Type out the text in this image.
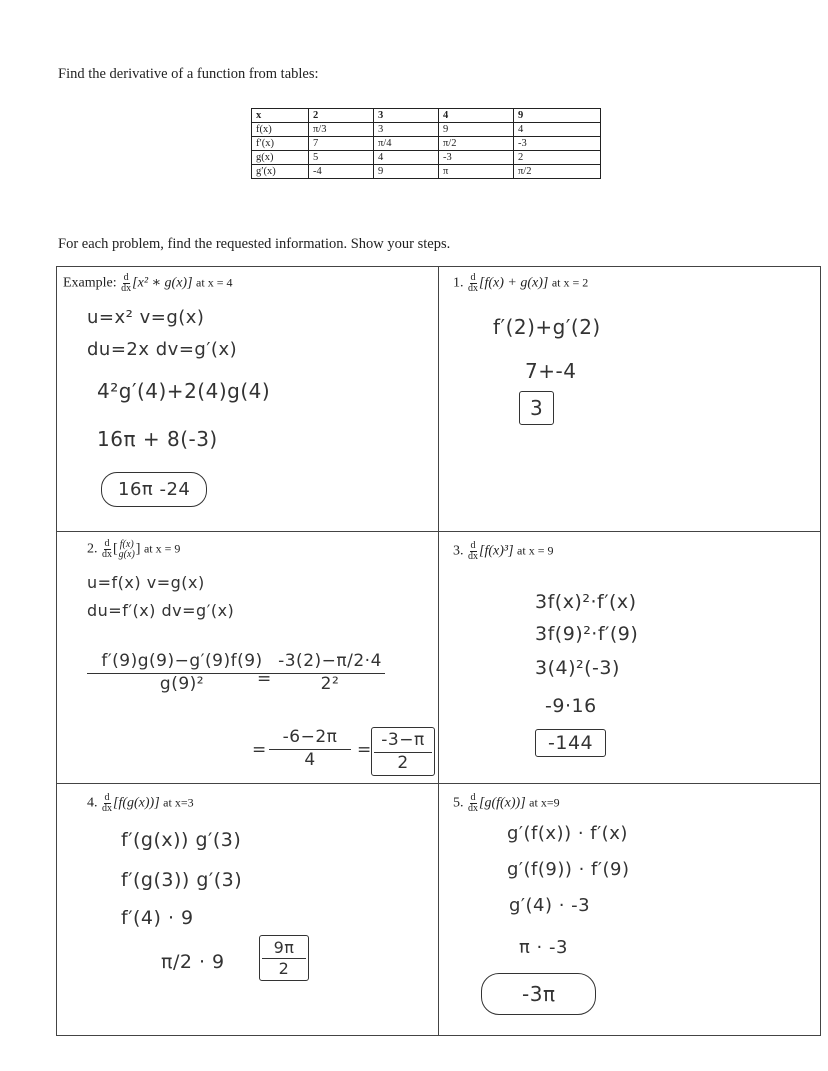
Find the derivative of a function from tables:
x	2	3	4	9
f(x)	π/3	3	9	4
f′(x)	7	π/4	π/2	-3
g(x)	5	4	-3	2
g′(x)	-4	9	π	π/2
For each problem, find the requested information. Show your steps.
Example: $\frac{d}{dx} [x^2$ ∗ g(x)] at x = 4
u=x² v=g(x)
du=2x dv=g′(x)
4²g′(4)+2(4)g(4)
16π + 8(-3)
16π -24
1. $\frac{d}{dx} [f(x) + g(x)]$ at x = 2
f′(2)+g′(2)
7+-4
3
2. $\frac{d}{dx}$ [ f(x)
g(x) ] at x = 9
u=f(x) v=g(x)
du=f′(x) dv=g′(x)
$\frac{f'(9)g(9)-g'(9)f(9)}{\text{g(9)²}}$
= $\frac{-3(2)-\pi/2\cdot 4}{\text{2²}}$
= $\frac{-6-2\pi}{4} = \frac{-3-\pi}{2}$
3. $\frac{d}{dx} [f(x)^3]$ at x = 9
3f(x)²·f′(x)
3f(9)²·f′(9)
3(4)²(-3)
-9·16
-144
4. $\frac{d}{dx} [f(g(x))]$ at x=3
f′(g(x)) g′(3)
f′(g(3)) g′(3)
f′(4) · 9
$\pi/2 \cdot 9 \frac{9\pi}{2}$
5. $\frac{d}{dx} [g(f(x))]$ at x=9
g′(f(x)) · f′(x)
g′(f(9)) · f′(9)
g′(4) · -3
π · -3
-3π
